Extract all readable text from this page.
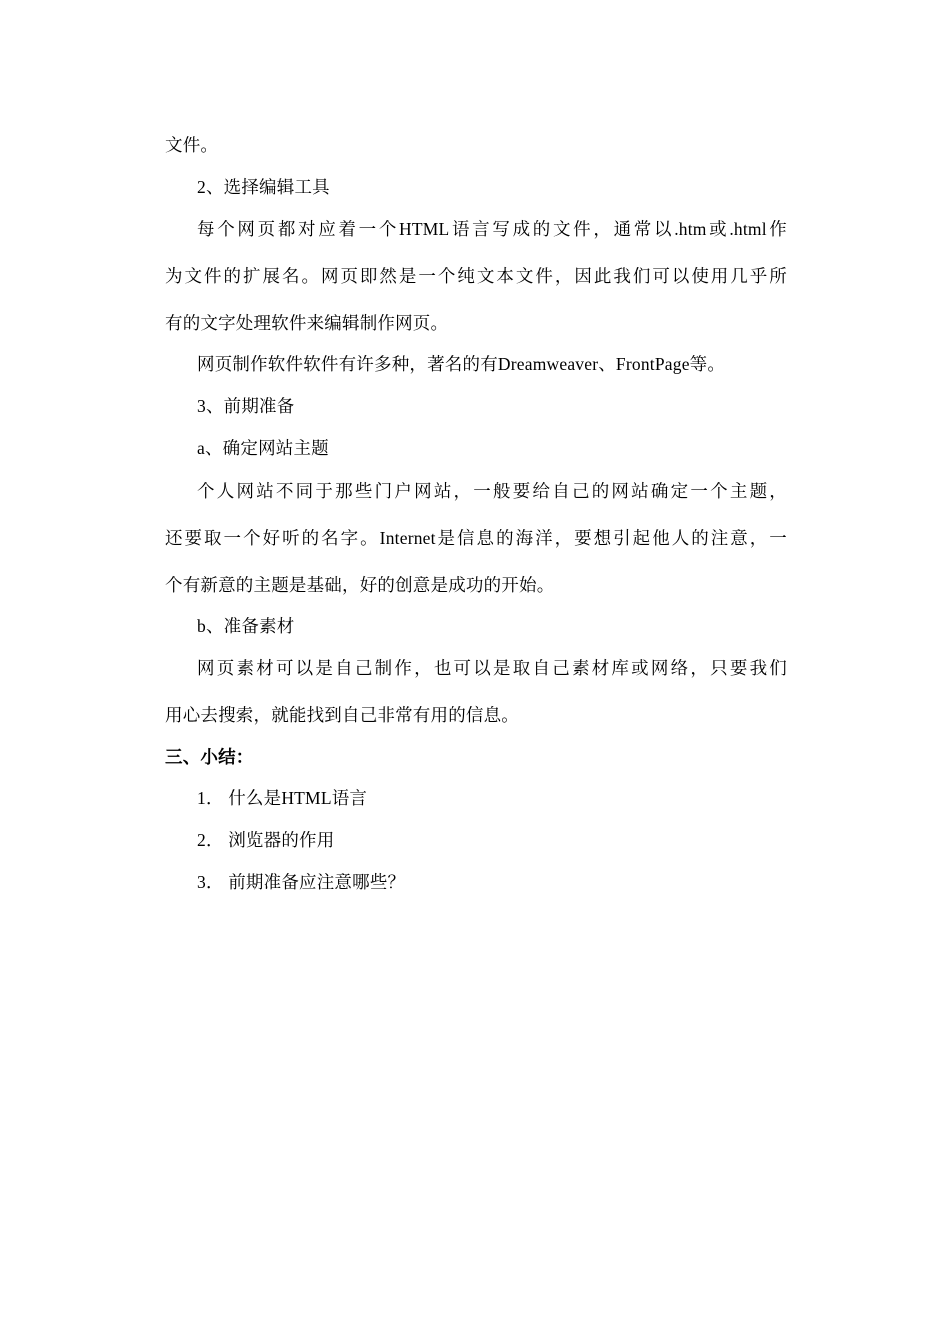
文件。
2、选择编辑工具
每个网页都对应着一个HTML语言写成的文件，通常以.htm或.html作
为文件的扩展名。网页即然是一个纯文本文件，因此我们可以使用几乎所
有的文字处理软件来编辑制作网页。
网页制作软件软件有许多种，著名的有Dreamweaver、FrontPage等。
3、前期准备
a、确定网站主题
个人网站不同于那些门户网站，一般要给自己的网站确定一个主题，
还要取一个好听的名字。Internet是信息的海洋，要想引起他人的注意，一
个有新意的主题是基础，好的创意是成功的开始。
b、准备素材
网页素材可以是自己制作，也可以是取自己素材库或网络，只要我们
用心去搜索，就能找到自己非常有用的信息。
三、小结：
1． 什么是HTML语言
2． 浏览器的作用
3． 前期准备应注意哪些？
